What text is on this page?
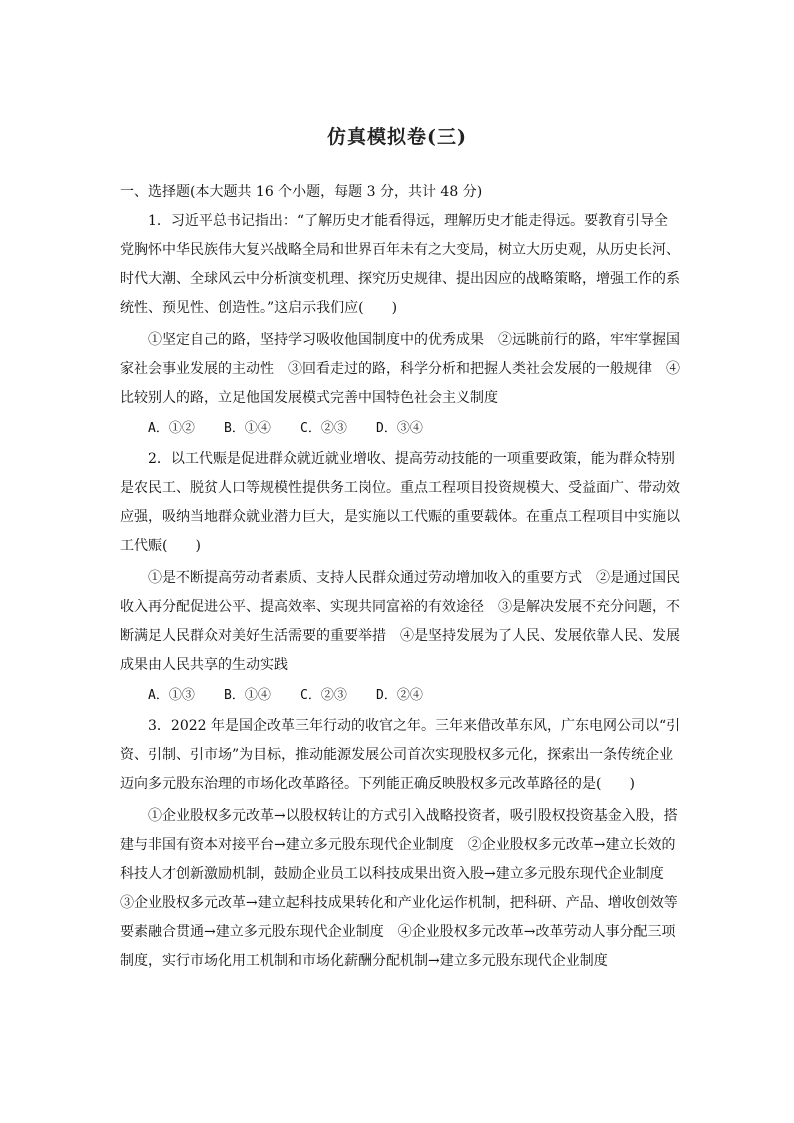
仿真模拟卷(三)
一、选择题(本大题共 16 个小题，每题 3 分，共计 48 分)
1．习近平总书记指出：“了解历史才能看得远，理解历史才能走得远。要教育引导全
党胸怀中华民族伟大复兴战略全局和世界百年未有之大变局，树立大历史观，从历史长河、
时代大潮、全球风云中分析演变机理、探究历史规律、提出因应的战略策略，增强工作的系
统性、预见性、创造性。”这启示我们应(　　)
①坚定自己的路，坚持学习吸收他国制度中的优秀成果　②远眺前行的路，牢牢掌握国
家社会事业发展的主动性　③回看走过的路，科学分析和把握人类社会发展的一般规律　④
比较别人的路，立足他国发展模式完善中国特色社会主义制度
A．①②	B．①④	C．②③	D．③④
2．以工代赈是促进群众就近就业增收、提高劳动技能的一项重要政策，能为群众特别
是农民工、脱贫人口等规模性提供务工岗位。重点工程项目投资规模大、受益面广、带动效
应强，吸纳当地群众就业潜力巨大，是实施以工代赈的重要载体。在重点工程项目中实施以
工代赈(　　)
①是不断提高劳动者素质、支持人民群众通过劳动增加收入的重要方式　②是通过国民
收入再分配促进公平、提高效率、实现共同富裕的有效途径　③是解决发展不充分问题，不
断满足人民群众对美好生活需要的重要举措　④是坚持发展为了人民、发展依靠人民、发展
成果由人民共享的生动实践
A．①③	B．①④	C．②③	D．②④
3．2022 年是国企改革三年行动的收官之年。三年来借改革东风，广东电网公司以“引
资、引制、引市场”为目标，推动能源发展公司首次实现股权多元化，探索出一条传统企业
迈向多元股东治理的市场化改革路径。下列能正确反映股权多元改革路径的是(　　)
①企业股权多元改革→以股权转让的方式引入战略投资者，吸引股权投资基金入股，搭
建与非国有资本对接平台→建立多元股东现代企业制度　②企业股权多元改革→建立长效的
科技人才创新激励机制，鼓励企业员工以科技成果出资入股→建立多元股东现代企业制度
③企业股权多元改革→建立起科技成果转化和产业化运作机制，把科研、产品、增收创效等
要素融合贯通→建立多元股东现代企业制度　④企业股权多元改革→改革劳动人事分配三项
制度，实行市场化用工机制和市场化薪酬分配机制→建立多元股东现代企业制度
